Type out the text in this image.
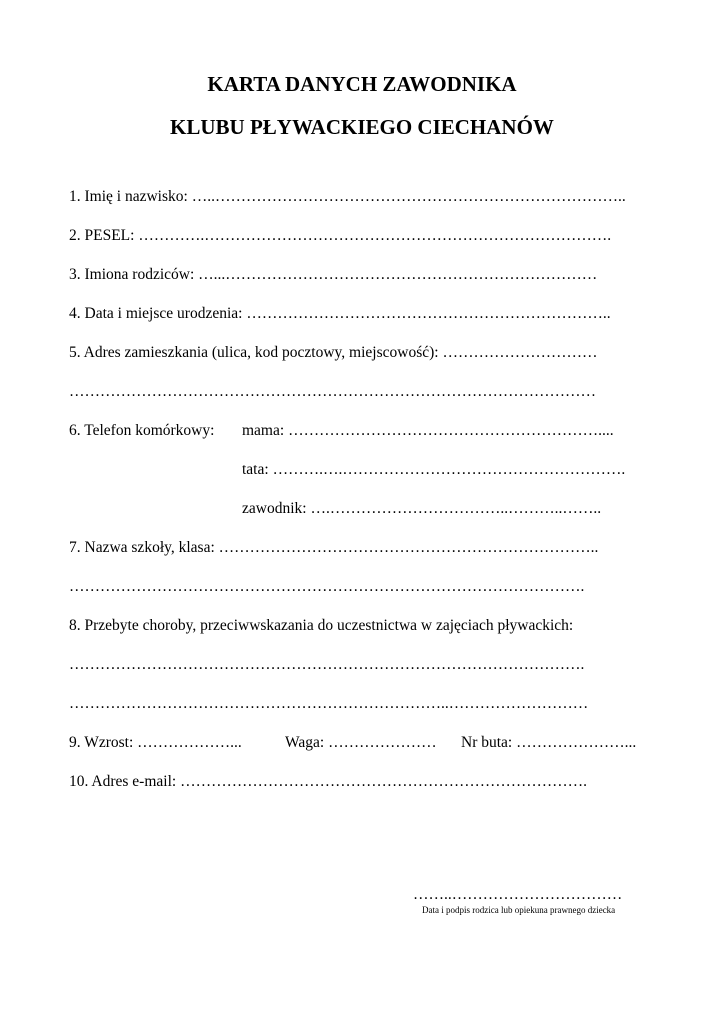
KARTA DANYCH ZAWODNIKA
KLUBU PŁYWACKIEGO CIECHANÓW
1. Imię i nazwisko: …..……………………………………………………………………..
2. PESEL: ………….…………………………………………………………………….
3. Imiona rodziców: …...………………………………………………………………
4. Data i miejsce urodzenia: ……………………………………………………………..
5. Adres zamieszkania (ulica, kod pocztowy, miejscowość): …………………………
…………………………………………………………………………………………
6. Telefon komórkowy: mama: ……………………………………………………....
tata: ……….….……………………………………………….
zawodnik: ….……………………………..………..……..
7. Nazwa szkoły, klasa: ………………………………………………………………..
……………………………………………………………………………………….
8. Przebyte choroby, przeciwwskazania do uczestnictwa w zajęciach pływackich:
……………………………………………………………………………………….
………………………………………………………………..………………………
9. Wzrost: ………………...	Waga: ………………… Nr buta: …………………...
10. Adres e-mail: …………………………………………………………………….
……..……………………………
Data i podpis rodzica lub opiekuna prawnego dziecka
